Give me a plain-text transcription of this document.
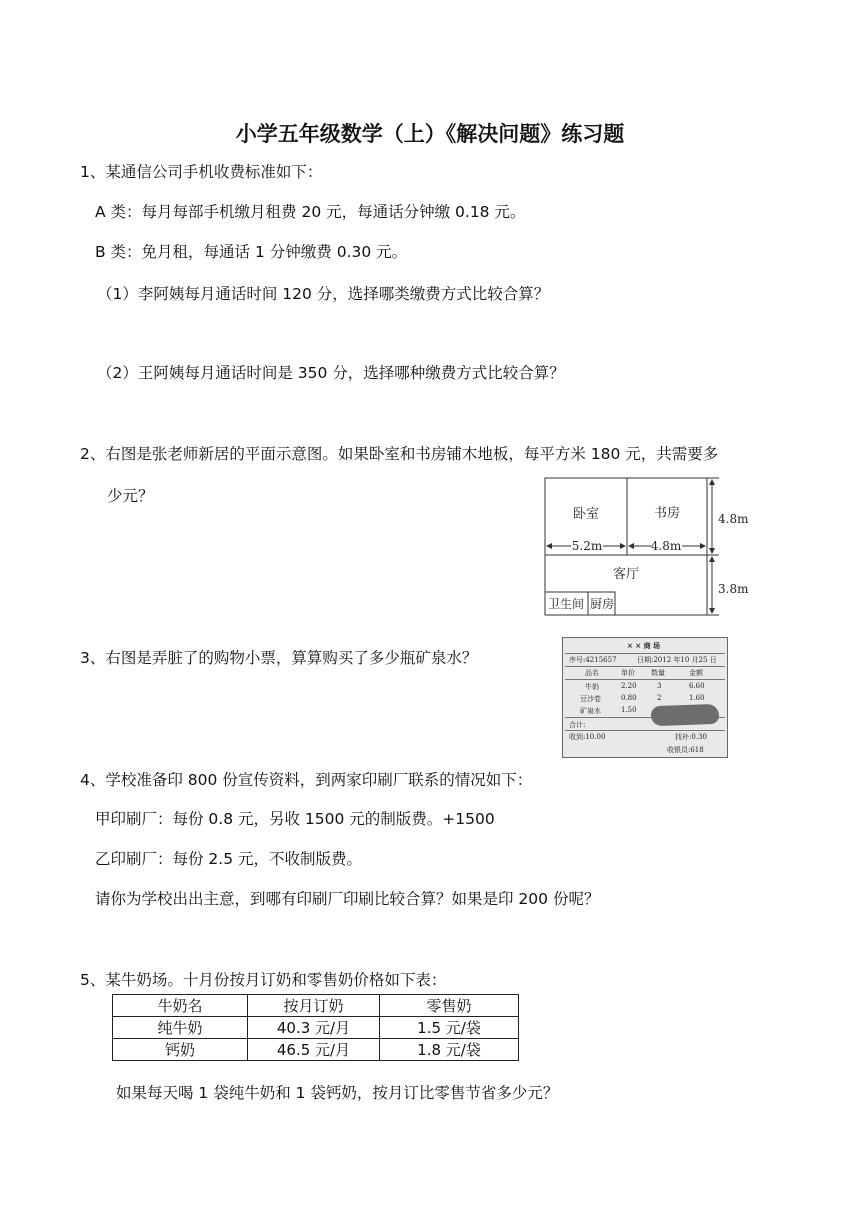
小学五年级数学（上）《解决问题》练习题
1、某通信公司手机收费标准如下：
A 类：每月每部手机缴月租费 20 元，每通话分钟缴 0.18 元。
B 类：免月租，每通话 1 分钟缴费 0.30 元。
（1）李阿姨每月通话时间 120 分，选择哪类缴费方式比较合算？
（2）王阿姨每月通话时间是 350 分，选择哪种缴费方式比较合算？
2、右图是张老师新居的平面示意图。如果卧室和书房铺木地板，每平方米 180 元，共需要多
少元？
卧室	书房
5.2m	4.8m
客厅
卫生间 厨房
4.8m
3.8m
3、右图是弄脏了的购物小票，算算购买了多少瓶矿泉水？
× × 商 场
序号:4215657	日期:2012 年10 月25 日
品名	单价 数量	金额
牛奶	2.20	3	6.60
豆沙卷	0.80	2	1.60
矿泉水	1.50
合计:
收到:10.00	找补:0.30
收银员:618
4、学校准备印 800 份宣传资料，到两家印刷厂联系的情况如下：
甲印刷厂：每份 0.8 元，另收 1500 元的制版费。+1500
乙印刷厂：每份 2.5 元，不收制版费。
请你为学校出出主意，到哪有印刷厂印刷比较合算？如果是印 200 份呢？
5、某牛奶场。十月份按月订奶和零售奶价格如下表：
牛奶名	按月订奶	零售奶
纯牛奶	40.3 元/月	1.5 元/袋
钙奶	46.5 元/月	1.8 元/袋
如果每天喝 1 袋纯牛奶和 1 袋钙奶，按月订比零售节省多少元？
